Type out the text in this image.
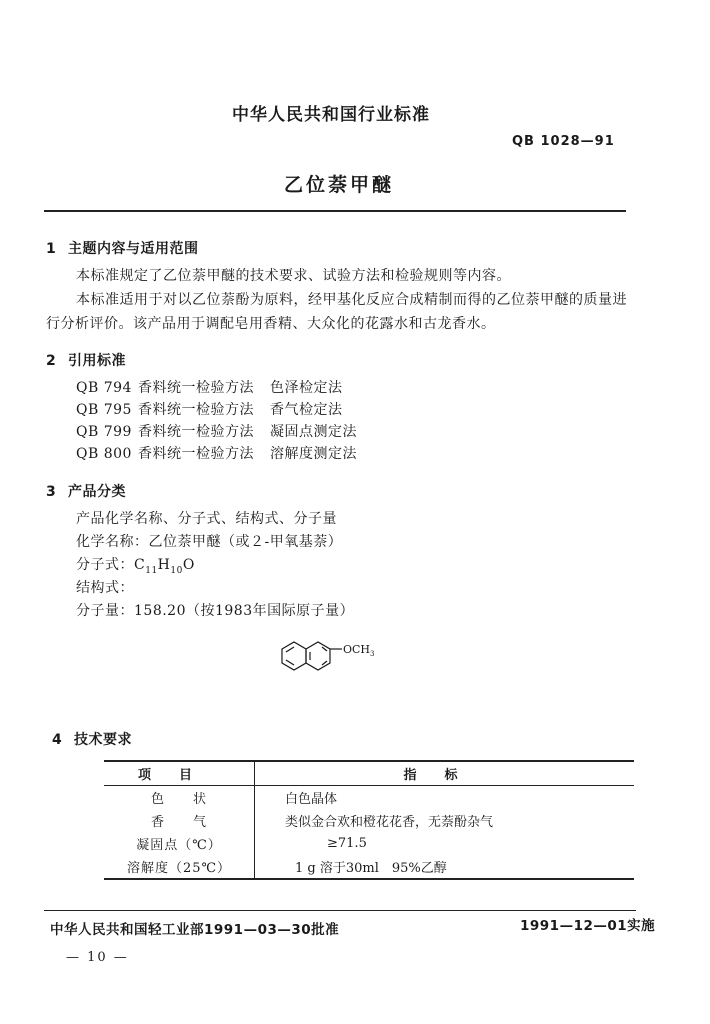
中华人民共和国行业标准
QB 1028—91
乙位萘甲醚
1 主题内容与适用范围
本标准规定了乙位萘甲醚的技术要求、试验方法和检验规则等内容。
本标准适用于对以乙位萘酚为原料，经甲基化反应合成精制而得的乙位萘甲醚的质量进
行分析评价。该产品用于调配皂用香精、大众化的花露水和古龙香水。
2 引用标准
QB 794 香料统一检验方法 色泽检定法
QB 795 香料统一检验方法 香气检定法
QB 799 香料统一检验方法 凝固点测定法
QB 800 香料统一检验方法 溶解度测定法
3 产品分类
产品化学名称、分子式、结构式、分子量
化学名称：乙位萘甲醚（或２-甲氧基萘）
分子式：$C_{11}H_{10}O$
结构式：
分子量：158.20（按1983年国际原子量）
$OCH_3$
4 技术要求
项目	指标
色　　状	白色晶体
香　　气	类似金合欢和橙花花香，无萘酚杂气
凝固点（℃）	≥71.5
溶解度（25℃）	1 g 溶于30ml　95%乙醇
中华人民共和国轻工业部1991—03—30批准	1991—12—01实施
— 10 —
